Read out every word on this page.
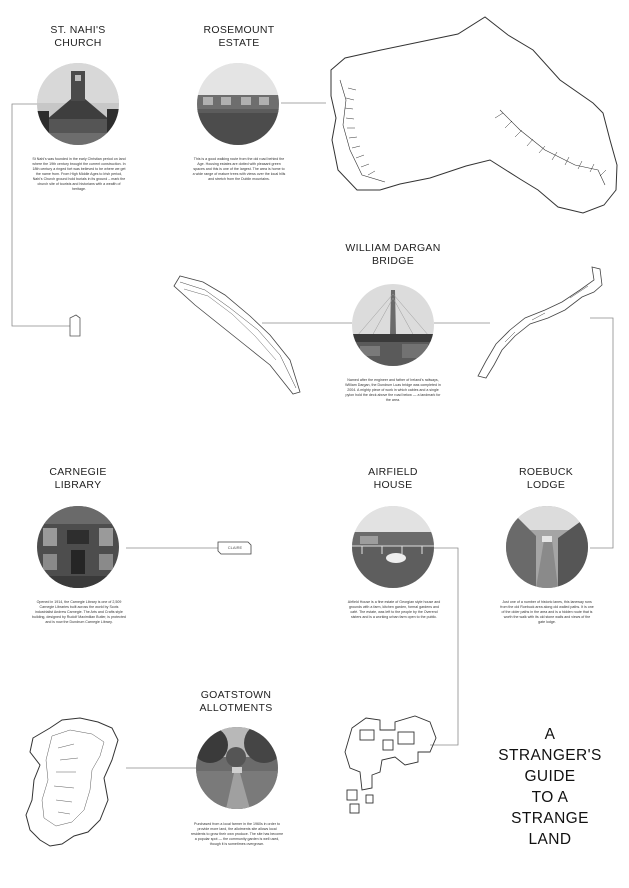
ST. NAHI'S
CHURCH
St Nahi's was founded in the early Christian period on land where the 19th century brought the current construction. In 18th century a ringed fort was believed to be where we get the name from. From High Middle Ages to Irish period, Nahi's Church ground hold burials in its ground – mark the church site of tourists and historians with a wealth of heritage.
ROSEMOUNT
ESTATE
This is a good walking route from the old road behind the Age. Housing estates are dotted with pleasant green spaces and this is one of the largest. The area is home to a wide range of mature trees with views over the local hills and stretch from the Dublin mountains.
WILLIAM DARGAN
BRIDGE
Named after the engineer and father of Ireland's railways, William Dargan, the Dundrum Luas bridge was completed in 2004. A mighty piece of work in which cables and a single pylon hold the deck above the road below — a landmark for the area.
CARNEGIE
LIBRARY
Opened in 1914, the Carnegie Library is one of 2,509 Carnegie Libraries built across the world by Scots industrialist Andrew Carnegie. The Arts and Crafts style building, designed by Rudolf Maximilian Butler, is protected and is now the Dundrum Carnegie Library.
CLAIRE
AIRFIELD
HOUSE
Airfield House is a fine estate of Georgian style house and grounds with a farm, kitchen garden, formal gardens and café. The estate, was left to the people by the Overend sisters and is a working urban farm open to the public.
ROEBUCK
LODGE
Just one of a number of historic lanes, this laneway runs from the old Roebuck area along old walled paths. It is one of the older paths in the area and is a hidden route that is worth the walk with its old stone walls and views of the gate lodge.
GOATSTOWN
ALLOTMENTS
Purchased from a local farmer in the 1960s in order to provide more land, the allotments site allows local residents to grow their own produce. The site has become a popular spot — the community garden is well used, though it is sometimes overgrown.
A
STRANGER'S
GUIDE
TO A
STRANGE
LAND
